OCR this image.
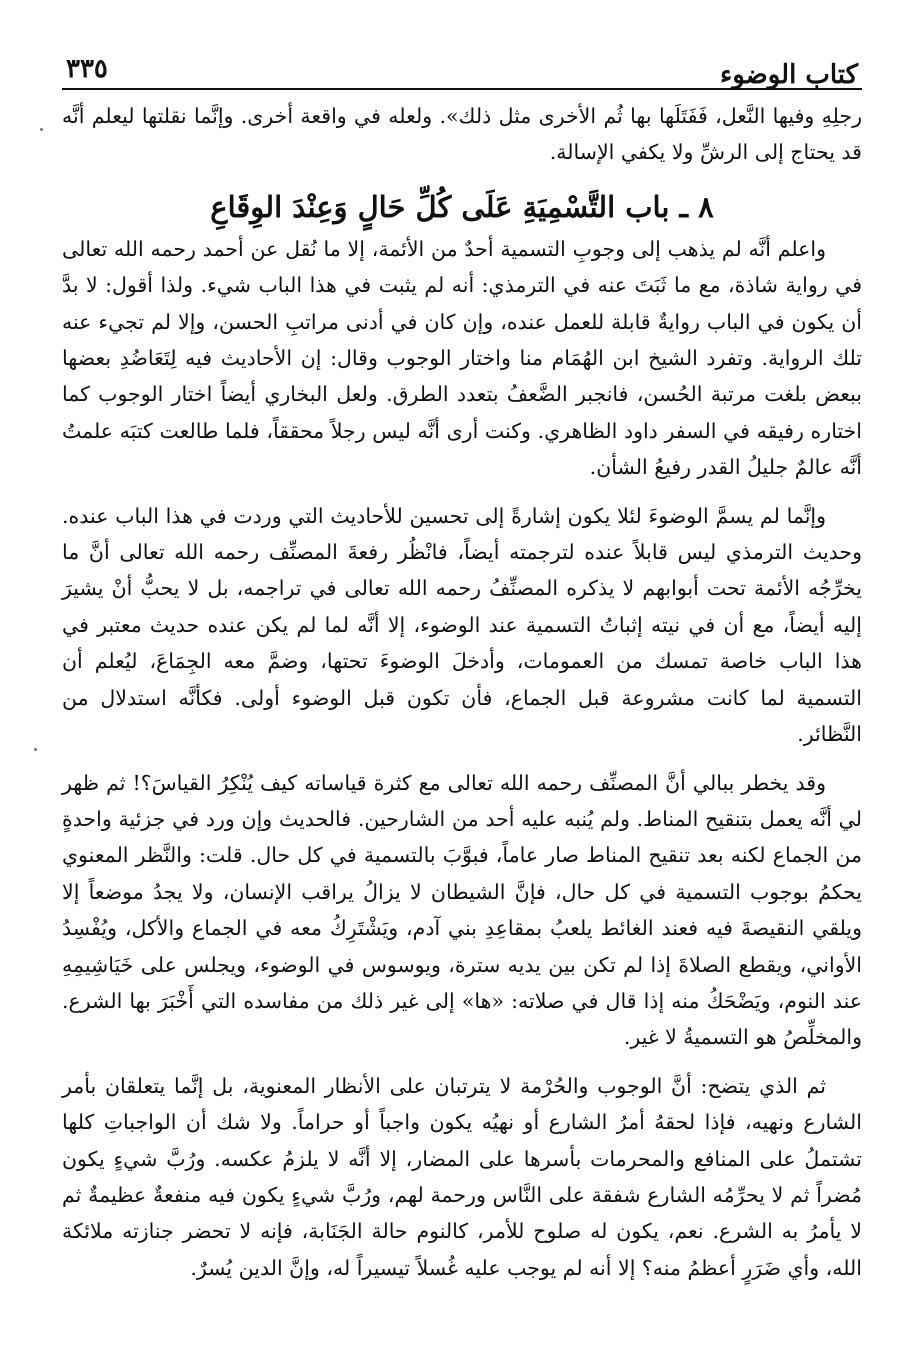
كتاب الوضوء
٣٣٥

رجلِهِ وفيها النَّعل، فَفَتَلَها بها ثُم الأخرى مثل ذلك». ولعله في واقعة أخرى. وإنَّما نقلتها ليعلم أنَّه قد يحتاج إلى الرشِّ ولا يكفي الإسالة.

٨ ـ باب التَّسْمِيَةِ عَلَى كُلِّ حَالٍ وَعِنْدَ الوِقَاعِ

واعلم أنَّه لم يذهب إلى وجوبِ التسمية أحدٌ من الأئمة، إلا ما نُقل عن أحمد رحمه الله تعالى في رواية شاذة، مع ما ثَبَتَ عنه في الترمذي: أنه لم يثبت في هذا الباب شيء. ولذا أقول: لا بدَّ أن يكون في الباب روايةٌ قابلة للعمل عنده، وإن كان في أدنى مراتبِ الحسن، وإلا لم تجيء عنه تلك الرواية. وتفرد الشيخ ابن الهُمَام منا واختار الوجوب وقال: إن الأحاديث فيه لِتَعَاضُدِ بعضها ببعض بلغت مرتبة الحُسن، فانجبر الضَّعفُ بتعدد الطرق. ولعل البخاري أيضاً اختار الوجوب كما اختاره رفيقه في السفر داود الظاهري. وكنت أرى أنَّه ليس رجلاً محققاً، فلما طالعت كتبَه علمتُ أنَّه عالمٌ جليلُ القدر رفيعُ الشأن.

وإنَّما لم يسمَّ الوضوءَ لئلا يكون إشارةً إلى تحسين للأحاديث التي وردت في هذا الباب عنده. وحديث الترمذي ليس قابلاً عنده لترجمته أيضاً، فانْظُر رفعةَ المصنِّف رحمه الله تعالى أنَّ ما يخرِّجُه الأئمة تحت أبوابهم لا يذكره المصنِّفُ رحمه الله تعالى في تراجمه، بل لا يحبُّ أنْ يشيرَ إليه أيضاً، مع أن في نيته إثباتُ التسمية عند الوضوء، إلا أنَّه لما لم يكن عنده حديث معتبر في هذا الباب خاصة تمسك من العمومات، وأدخلَ الوضوءَ تحتها، وضمَّ معه الجِمَاعَ، ليُعلم أن التسمية لما كانت مشروعة قبل الجماع، فأن تكون قبل الوضوء أولى. فكأنَّه استدلال من النَّظائر.

وقد يخطر ببالي أنَّ المصنِّف رحمه الله تعالى مع كثرة قياساته كيف يُنْكِرُ القياسَ؟! ثم ظهر لي أنَّه يعمل بتنقيح المناط. ولم يُنبه عليه أحد من الشارحين. فالحديث وإن ورد في جزئية واحدةٍ من الجماع لكنه بعد تنقيح المناط صار عاماً، فبوَّبَ بالتسمية في كل حال. قلت: والنَّظر المعنوي يحكمُ بوجوب التسمية في كل حال، فإنَّ الشيطان لا يزالُ يراقب الإنسان، ولا يجدُ موضعاً إلا ويلقي النقيصةَ فيه فعند الغائط يلعبُ بمقاعِدِ بني آدم، ويَشْتَرِكُ معه في الجماع والأكل، ويُفْسِدُ الأواني، ويقطع الصلاةَ إذا لم تكن بين يديه سترة، ويوسوس في الوضوء، ويجلس على خَيَاشِيمِهِ عند النوم، ويَضْحَكُ منه إذا قال في صلاته: «ها» إلى غير ذلك من مفاسده التي أَخْبَرَ بها الشرع. والمخلِّصُ هو التسميةُ لا غير.

ثم الذي يتضح: أنَّ الوجوب والحُرْمة لا يترتبان على الأنظار المعنوية، بل إنَّما يتعلقان بأمر الشارع ونهيه، فإذا لحقهُ أمرُ الشارع أو نهيُه يكون واجباً أو حراماً. ولا شك أن الواجباتِ كلها تشتملُ على المنافع والمحرمات بأسرها على المضار، إلا أنَّه لا يلزمُ عكسه. ورُبَّ شيءٍ يكون مُضراً ثم لا يحرِّمُه الشارع شفقة على النَّاس ورحمة لهم، ورُبَّ شيءٍ يكون فيه منفعةٌ عظيمةٌ ثم لا يأمرُ به الشرع. نعم، يكون له صلوح للأمر، كالنوم حالة الجَنَابة، فإنه لا تحضر جنازته ملائكة الله، وأي ضَرَرٍ أعظمُ منه؟ إلا أنه لم يوجب عليه غُسلاً تيسيراً له، وإنَّ الدين يُسرٌ.
